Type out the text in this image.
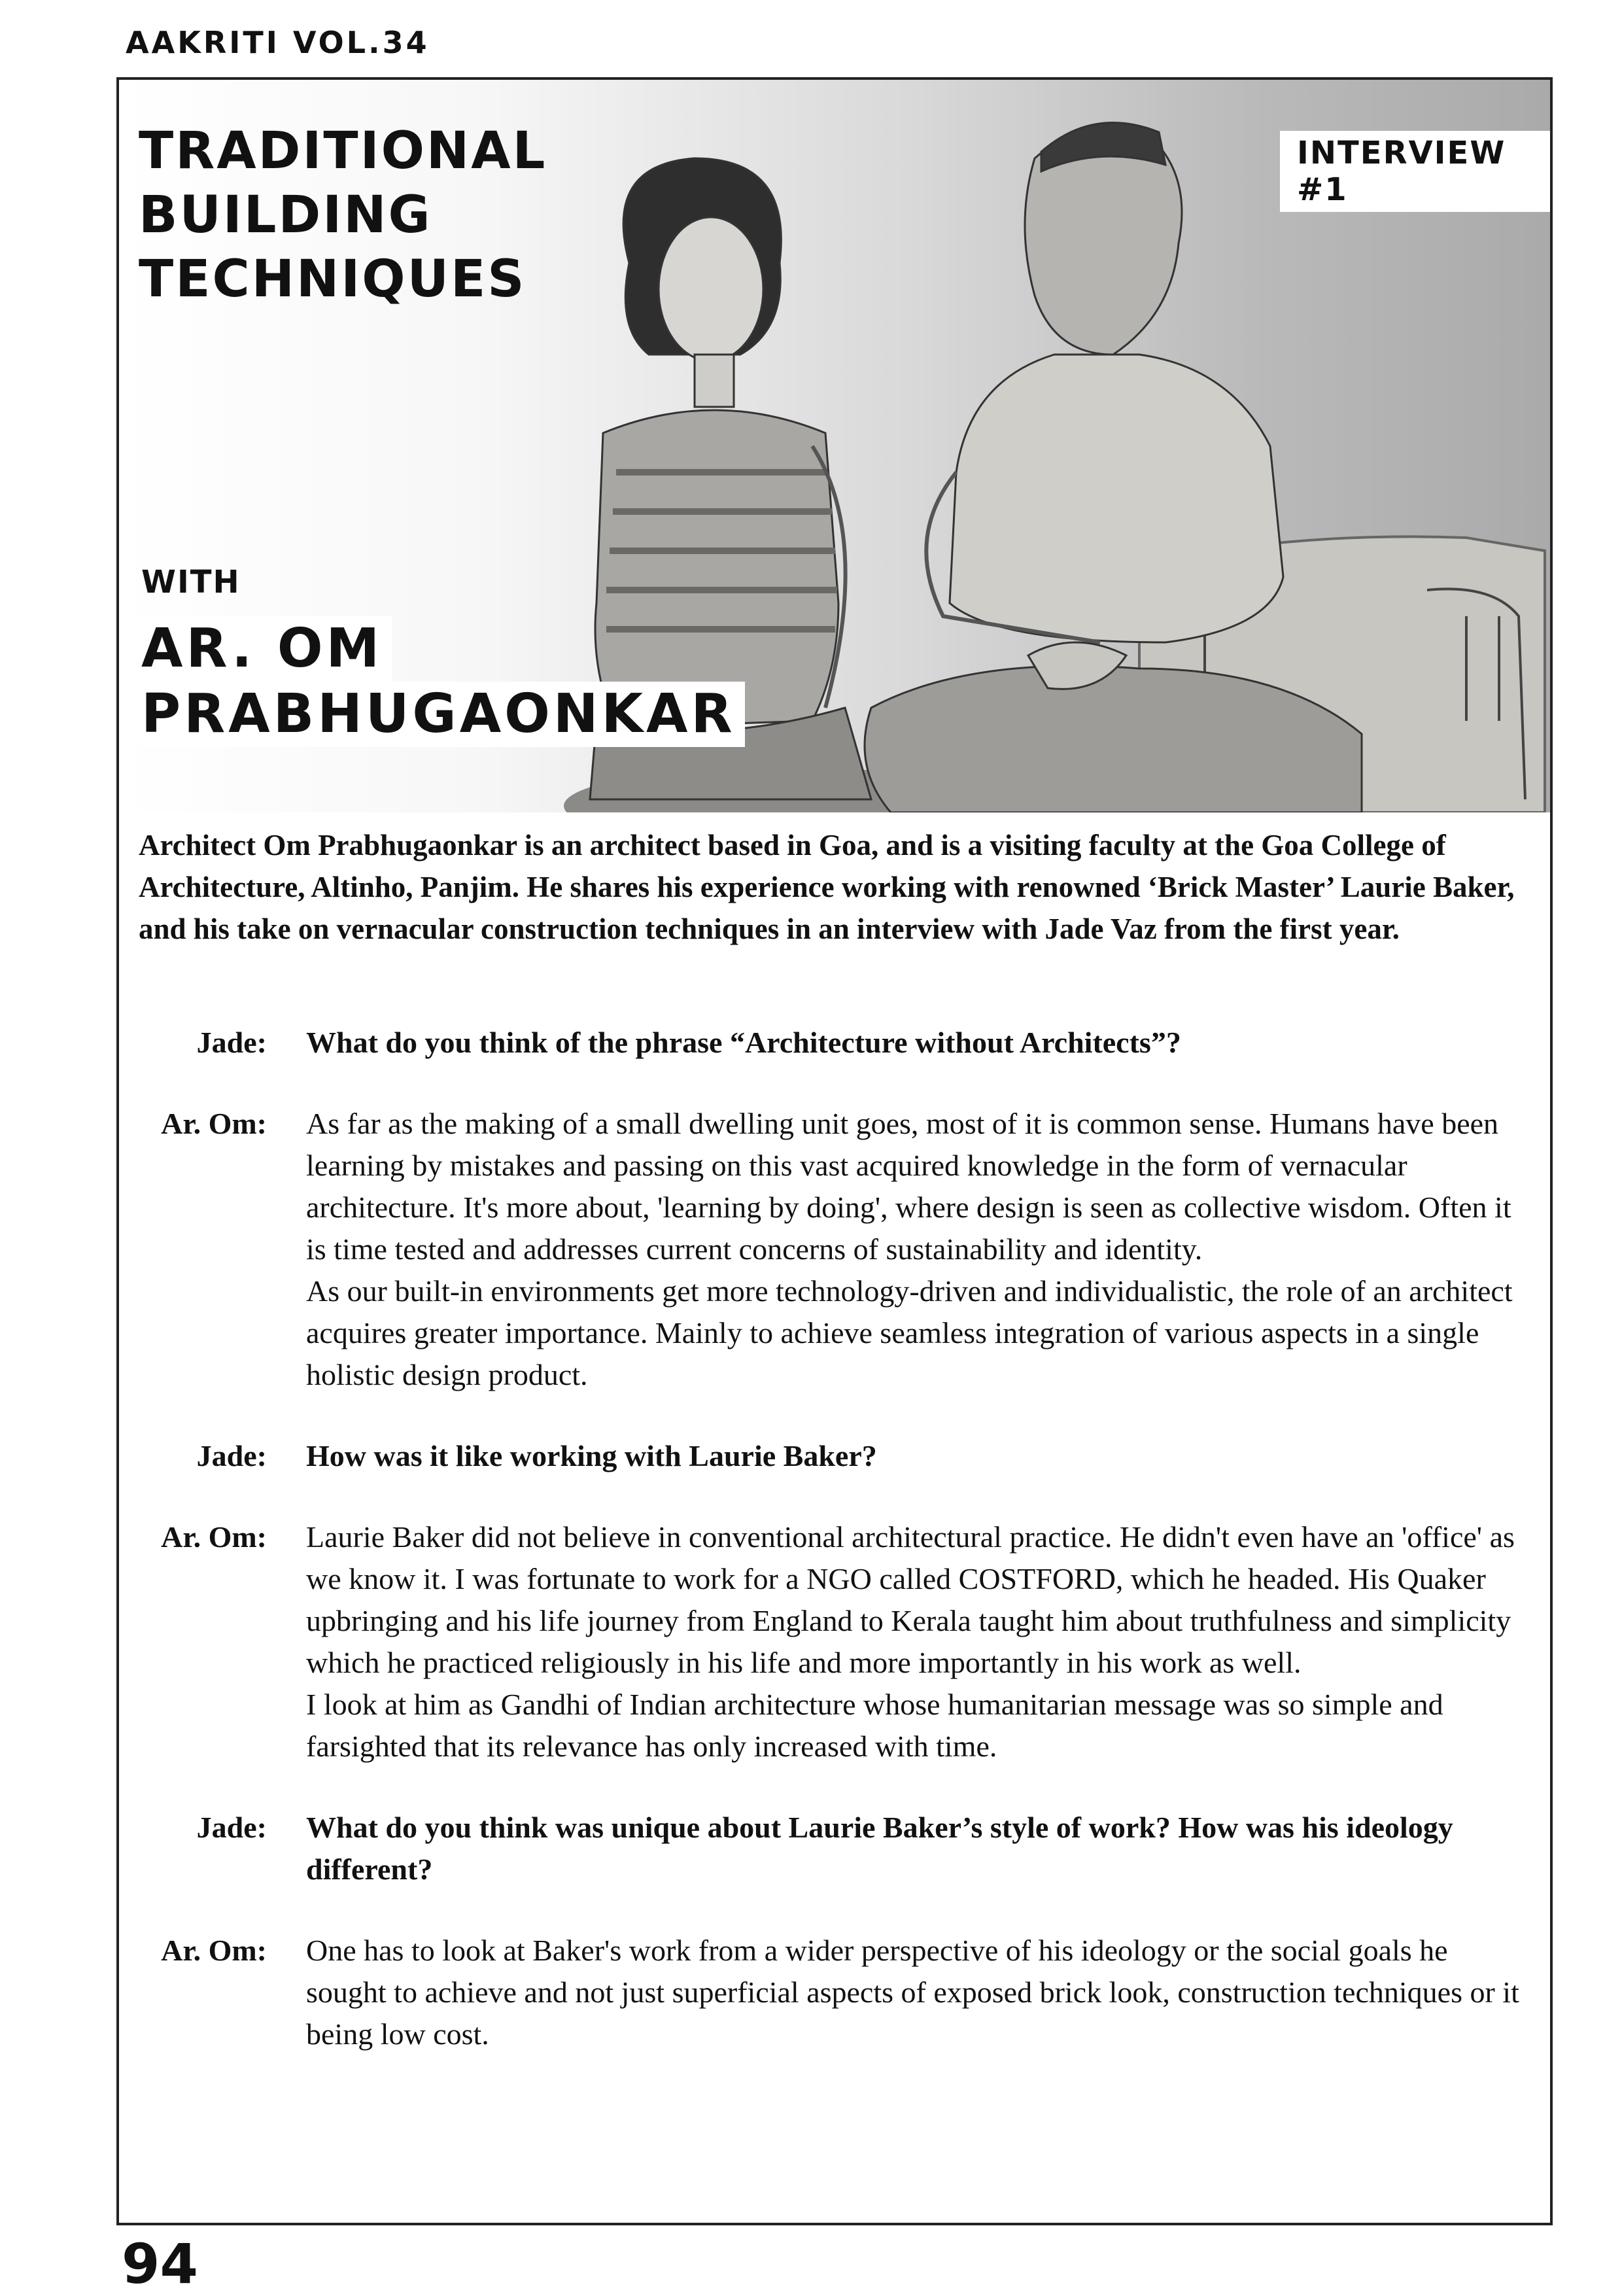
AAKRITI VOL.34
TRADITIONAL
BUILDING
TECHNIQUES
INTERVIEW #1
WITH
AR. OM
PRABHUGAONKAR
Architect Om Prabhugaonkar is an architect based in Goa, and is a visiting faculty at the Goa College of Architecture, Altinho, Panjim. He shares his experience working with renowned ‘Brick Master’ Laurie Baker, and his take on vernacular construction techniques in an interview with Jade Vaz from the first year.
Jade: What do you think of the phrase “Architecture without Architects”?

Ar. Om: As far as the making of a small dwelling unit goes, most of it is common sense. Humans have been learning by mistakes and passing on this vast acquired knowledge in the form of vernacular architecture. It's more about, 'learning by doing', where design is seen as collective wisdom. Often it is time tested and addresses current concerns of sustainability and identity.

As our built-in environments get more technology-driven and individualistic, the role of an architect acquires greater importance. Mainly to achieve seamless integration of various aspects in a single holistic design product.

Jade: How was it like working with Laurie Baker?

Ar. Om: Laurie Baker did not believe in conventional architectural practice. He didn't even have an 'office' as we know it. I was fortunate to work for a NGO called COSTFORD, which he headed. His Quaker upbringing and his life journey from England to Kerala taught him about truthfulness and simplicity which he practiced religiously in his life and more importantly in his work as well.

I look at him as Gandhi of Indian architecture whose humanitarian message was so simple and farsighted that its relevance has only increased with time.

Jade: What do you think was unique about Laurie Baker’s style of work? How was his ideology different?

Ar. Om: One has to look at Baker's work from a wider perspective of his ideology or the social goals he sought to achieve and not just superficial aspects of exposed brick look, construction techniques or it being low cost.

94
